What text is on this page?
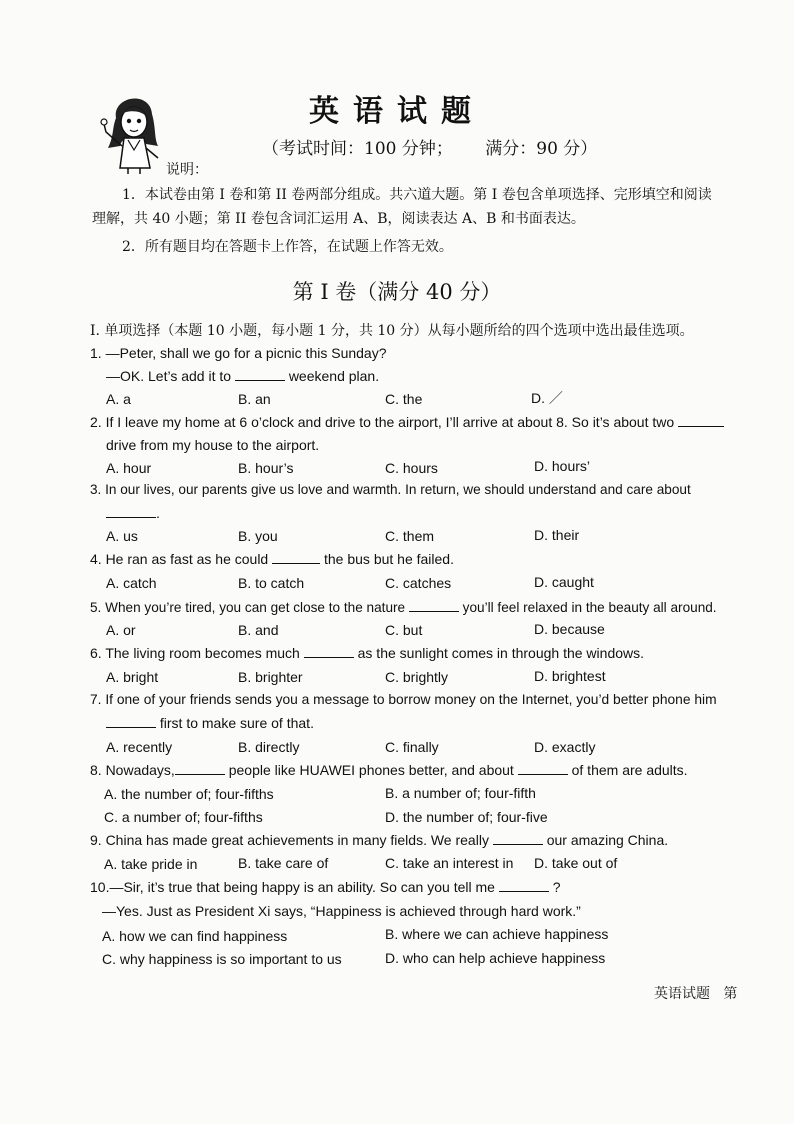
英语试题
（考试时间：100 分钟；      满分：90 分）
说明：
1．本试卷由第 I 卷和第 II 卷两部分组成。共六道大题。第 I 卷包含单项选择、完形填空和阅读
理解，共 40 小题；第 II 卷包含词汇运用 A、B，阅读表达 A、B 和书面表达。
2．所有题目均在答题卡上作答，在试题上作答无效。
第 I 卷（满分 40 分）
I. 单项选择（本题 10 小题，每小题 1 分，共 10 分）从每小题所给的四个选项中选出最佳选项。
1. —Peter, shall we go for a picnic this Sunday?
—OK. Let’s add it to	weekend plan.
A. a	B. an	C. the	D. ／
2. If I leave my home at 6 o’clock and drive to the airport, I’ll arrive at about 8. So it’s about two
drive from my house to the airport.
A. hour	B. hour’s	C. hours	D. hours’
3. In our lives, our parents give us love and warmth. In return, we should understand and care about
.
A. us	B. you	C. them	D. their
4. He ran as fast as he could	the bus but he failed.
A. catch	B. to catch	C. catches	D. caught
5. When you’re tired, you can get close to the nature	you’ll feel relaxed in the beauty all around.
A. or	B. and	C. but	D. because
6. The living room becomes much	as the sunlight comes in through the windows.
A. bright	B. brighter	C. brightly	D. brightest
7. If one of your friends sends you a message to borrow money on the Internet, you’d better phone him
first to make sure of that.
A. recently	B. directly	C. finally	D. exactly
8. Nowadays,	people like HUAWEI phones better, and about	of them are adults.
A. the number of; four-fifths	B. a number of; four-fifth
C. a number of; four-fifths	D. the number of; four-five
9. China has made great achievements in many fields. We really	our amazing China.
A. take pride in	B. take care of	C. take an interest in D. take out of
10.—Sir, it’s true that being happy is an ability. So can you tell me	?
—Yes. Just as President Xi says, “Happiness is achieved through hard work.”
A. how we can find happiness	B. where we can achieve happiness
C. why happiness is so important to us	D. who can help achieve happiness
英语试题 第
